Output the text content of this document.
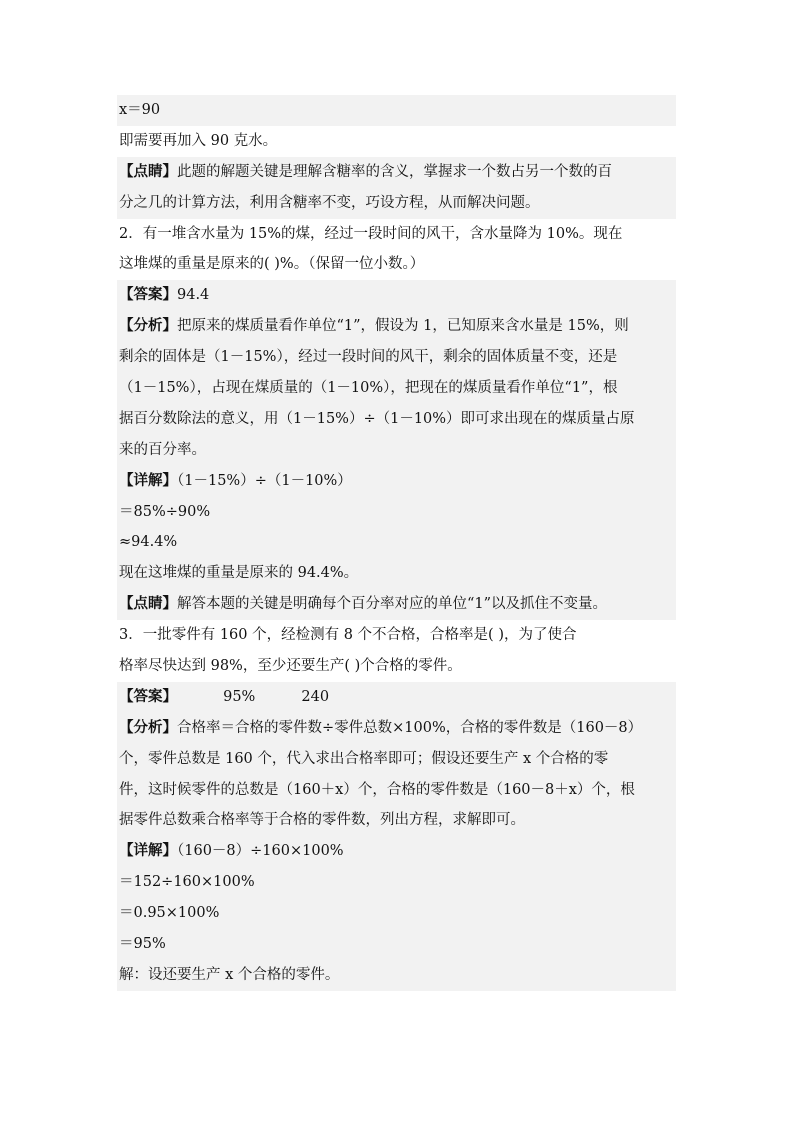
x＝90
即需要再加入 90 克水。
【点睛】此题的解题关键是理解含糖率的含义，掌握求一个数占另一个数的百
分之几的计算方法，利用含糖率不变，巧设方程，从而解决问题。
2．有一堆含水量为 15%的煤，经过一段时间的风干，含水量降为 10%。现在
这堆煤的重量是原来的( )%。（保留一位小数。）
【答案】94.4
【分析】把原来的煤质量看作单位“1”，假设为 1，已知原来含水量是 15%，则
剩余的固体是（1－15%），经过一段时间的风干，剩余的固体质量不变，还是
（1－15%），占现在煤质量的（1－10%），把现在的煤质量看作单位“1”，根
据百分数除法的意义，用（1－15%）÷（1－10%）即可求出现在的煤质量占原
来的百分率。
【详解】（1－15%）÷（1－10%）
＝85%÷90%
≈94.4%
现在这堆煤的重量是原来的 94.4%。
【点睛】解答本题的关键是明确每个百分率对应的单位“1”以及抓住不变量。
3．一批零件有 160 个，经检测有 8 个不合格，合格率是( )，为了使合
格率尽快达到 98%，至少还要生产( )个合格的零件。
【答案】          95%          240
【分析】合格率＝合格的零件数÷零件总数×100%，合格的零件数是（160－8）
个，零件总数是 160 个，代入求出合格率即可；假设还要生产 x 个合格的零
件，这时候零件的总数是（160＋x）个，合格的零件数是（160－8＋x）个，根
据零件总数乘合格率等于合格的零件数，列出方程，求解即可。
【详解】（160－8）÷160×100%
＝152÷160×100%
＝0.95×100%
＝95%
解：设还要生产 x 个合格的零件。
